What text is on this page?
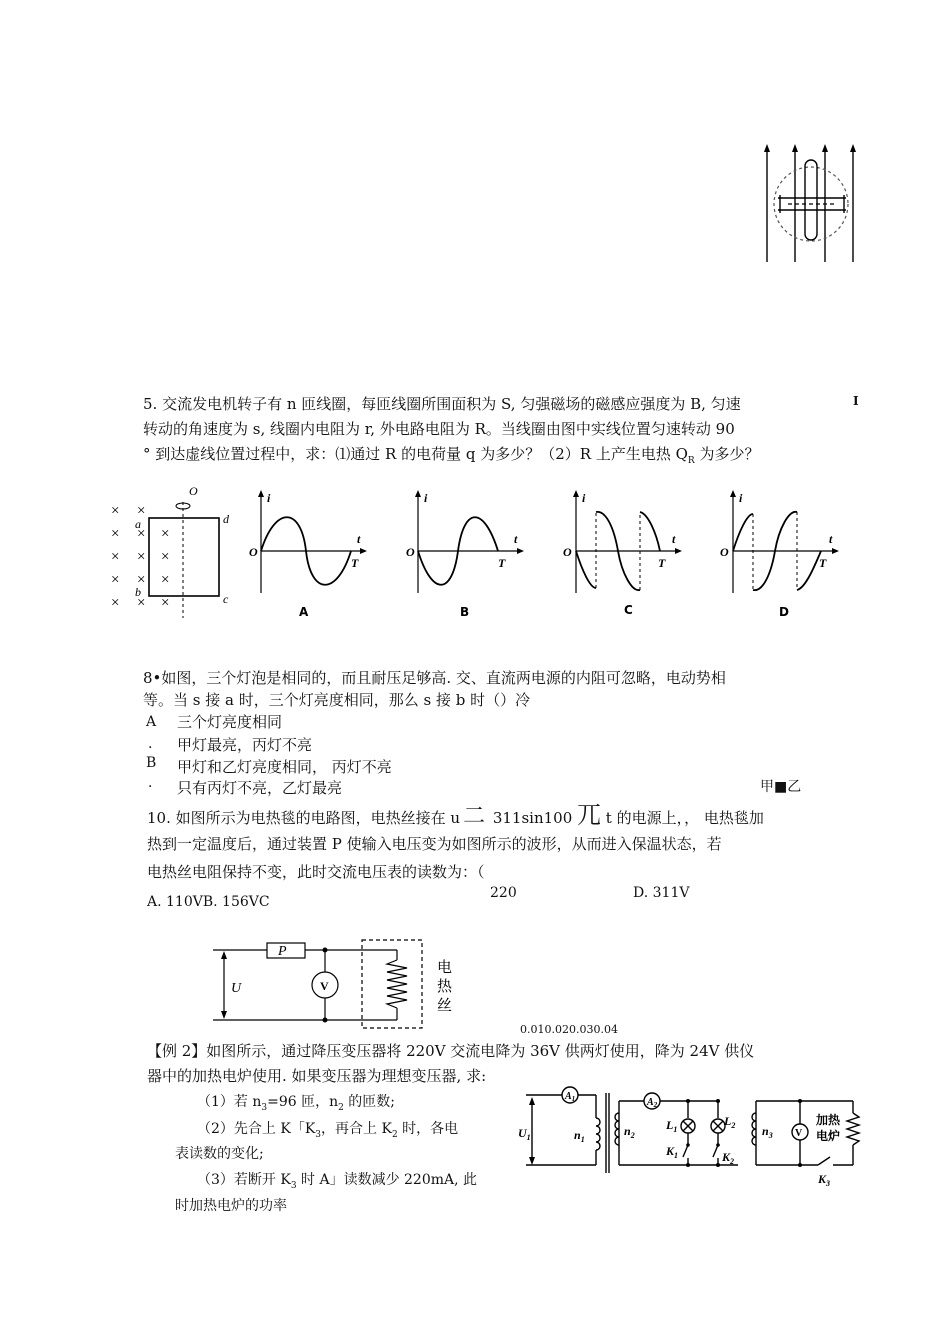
5. 交流发电机转子有 n 匝线圈，每匝线圈所围面积为 S, 匀强磁场的磁感应强度为 B, 匀速	I
转动的角速度为 s, 线圈内电阻为 r, 外电路电阻为 R。当线圈由图中实线位置匀速转动 90
° 到达虚线位置过程中，求：⑴通过 R 的电荷量 q 为多少？（2）R 上产生电热 $Q_R$ 为多少？
×
×
×
×
×
×
×
×
×
×
×
×
×
×
O
a
b	c
d
i
t
O
T
A
i
t
O
T
B
i
t
O
T
C
i
t
O
T
D
8•如图，三个灯泡是相同的，而且耐压足够高. 交、直流两电源的内阻可忽略，电动势相
等。当 s 接 a 时，三个灯亮度相同，那么 s 接 b 时（）冷
A 三个灯亮度相同
. 甲灯最亮，丙灯不亮
B 甲灯和乙灯亮度相同， 丙灯不亮
· 只有丙灯不亮，乙灯最亮	甲■乙
10. 如图所示为电热毯的电路图，电热丝接在 u 二 311sin100 兀 t 的电源上，， 电热毯加
热到一定温度后，通过装置 P 使输入电压变为如图所示的波形，从而进入保温状态，若
电热丝电阻保持不变，此时交流电压表的读数为：（
A. 110VB. 156VC
220	D. 311V
P
U	V
电
热
丝
0.010.020.030.04
【例 2】如图所示，通过降压变压器将 220V 交流电降为 36V 供两灯使用，降为 24V 供仪
器中的加热电炉使用. 如果变压器为理想变压器, 求:
（1）若 $n_3=96$ 匝，$n_2$ 的匝数;
（2）先合上 K「$K_3$，再合上 $K_2$ 时，各电
表读数的变化;
（3）若断开 $K_3$ 时 A」读数减少 220mA, 此
时加热电炉的功率
$U_1$
$A_1$	$A_2$
$n_1$
$n_2$	$n_3$
$L_1$
$L_2$
$K_1$	$K_2$
$K_3$
V
加热
电炉
